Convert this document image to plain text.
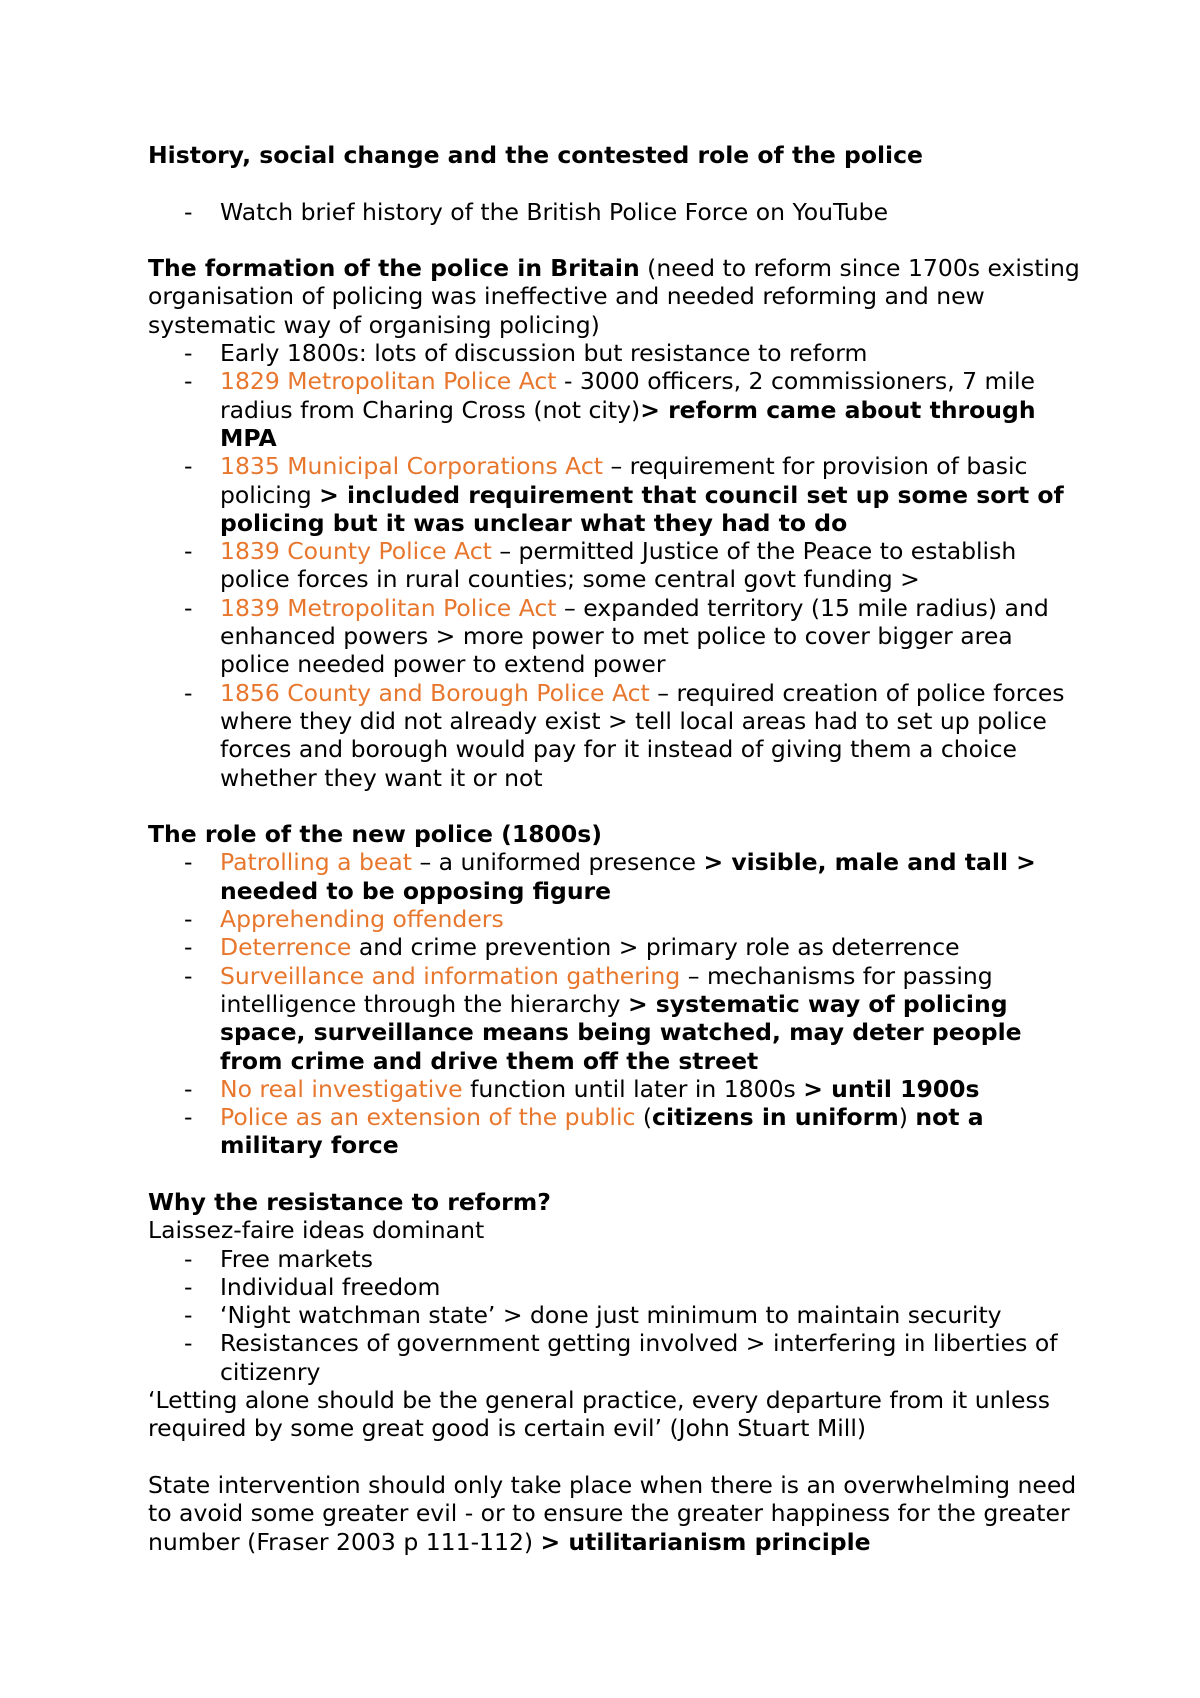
History, social change and the contested role of the police

- Watch brief history of the British Police Force on YouTube

The formation of the police in Britain (need to reform since 1700s existing organisation of policing was ineffective and needed reforming and new systematic way of organising policing)

- Early 1800s: lots of discussion but resistance to reform
- 1829 Metropolitan Police Act - 3000 officers, 2 commissioners, 7 mile radius from Charing Cross (not city)> reform came about through MPA
- 1835 Municipal Corporations Act – requirement for provision of basic policing > included requirement that council set up some sort of policing but it was unclear what they had to do
- 1839 County Police Act – permitted Justice of the Peace to establish police forces in rural counties; some central govt funding >
- 1839 Metropolitan Police Act – expanded territory (15 mile radius) and enhanced powers > more power to met police to cover bigger area police needed power to extend power
- 1856 County and Borough Police Act – required creation of police forces where they did not already exist > tell local areas had to set up police forces and borough would pay for it instead of giving them a choice whether they want it or not

The role of the new police (1800s)

- Patrolling a beat – a uniformed presence > visible, male and tall > needed to be opposing figure
- Apprehending offenders
- Deterrence and crime prevention > primary role as deterrence
- Surveillance and information gathering – mechanisms for passing intelligence through the hierarchy > systematic way of policing space, surveillance means being watched, may deter people from crime and drive them off the street
- No real investigative function until later in 1800s > until 1900s
- Police as an extension of the public (citizens in uniform) not a military force

Why the resistance to reform?

Laissez-faire ideas dominant

- Free markets
- Individual freedom
- ‘Night watchman state’ > done just minimum to maintain security
- Resistances of government getting involved > interfering in liberties of citizenry

‘Letting alone should be the general practice, every departure from it unless required by some great good is certain evil’ (John Stuart Mill)

State intervention should only take place when there is an overwhelming need to avoid some greater evil - or to ensure the greater happiness for the greater number (Fraser 2003 p 111-112) > utilitarianism principle
